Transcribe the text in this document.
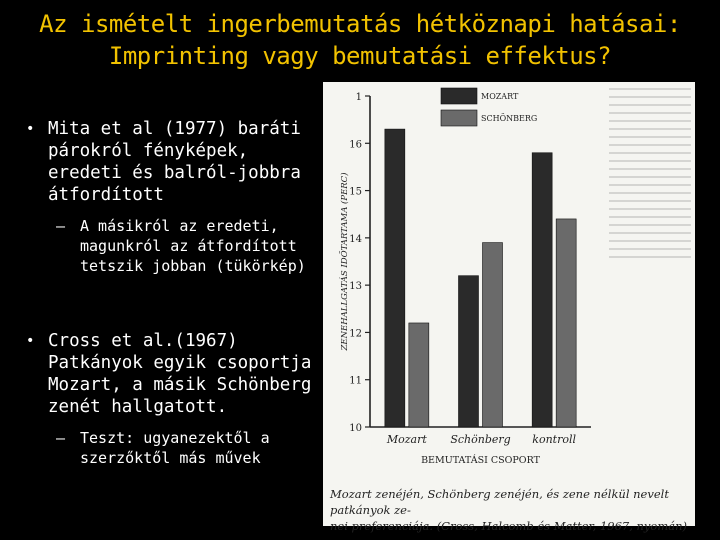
Az ismételt ingerbemutatás hétköznapi hatásai:
Imprinting vagy bemutatási effektus?
• Mita et al (1977) baráti
párokról fényképek,
eredeti és balról-jobbra
átfordított
– A másikról az eredeti,
magunkról az átfordított
tetszik jobban (tükörkép)
• Cross et al.(1967)
Patkányok egyik csoportja
Mozart, a másik Schönberg
zenét hallgatott.
– Teszt: ugyanezektől a
szerzőktől más művek
10
11
12
13
14
15
16
1
ZENEHALLGATÁS IDŐTARTAMA (PERC)
Mozart Schönberg kontroll
BEMUTATÁSI CSOPORT
MOZART
SCHÖNBERG
Mozart zenéjén, Schönberg zenéjén, és zene nélkül nevelt patkányok ze-
nei preferenciája. (Cross, Halcomb és Matter, 1967, nyomán)
